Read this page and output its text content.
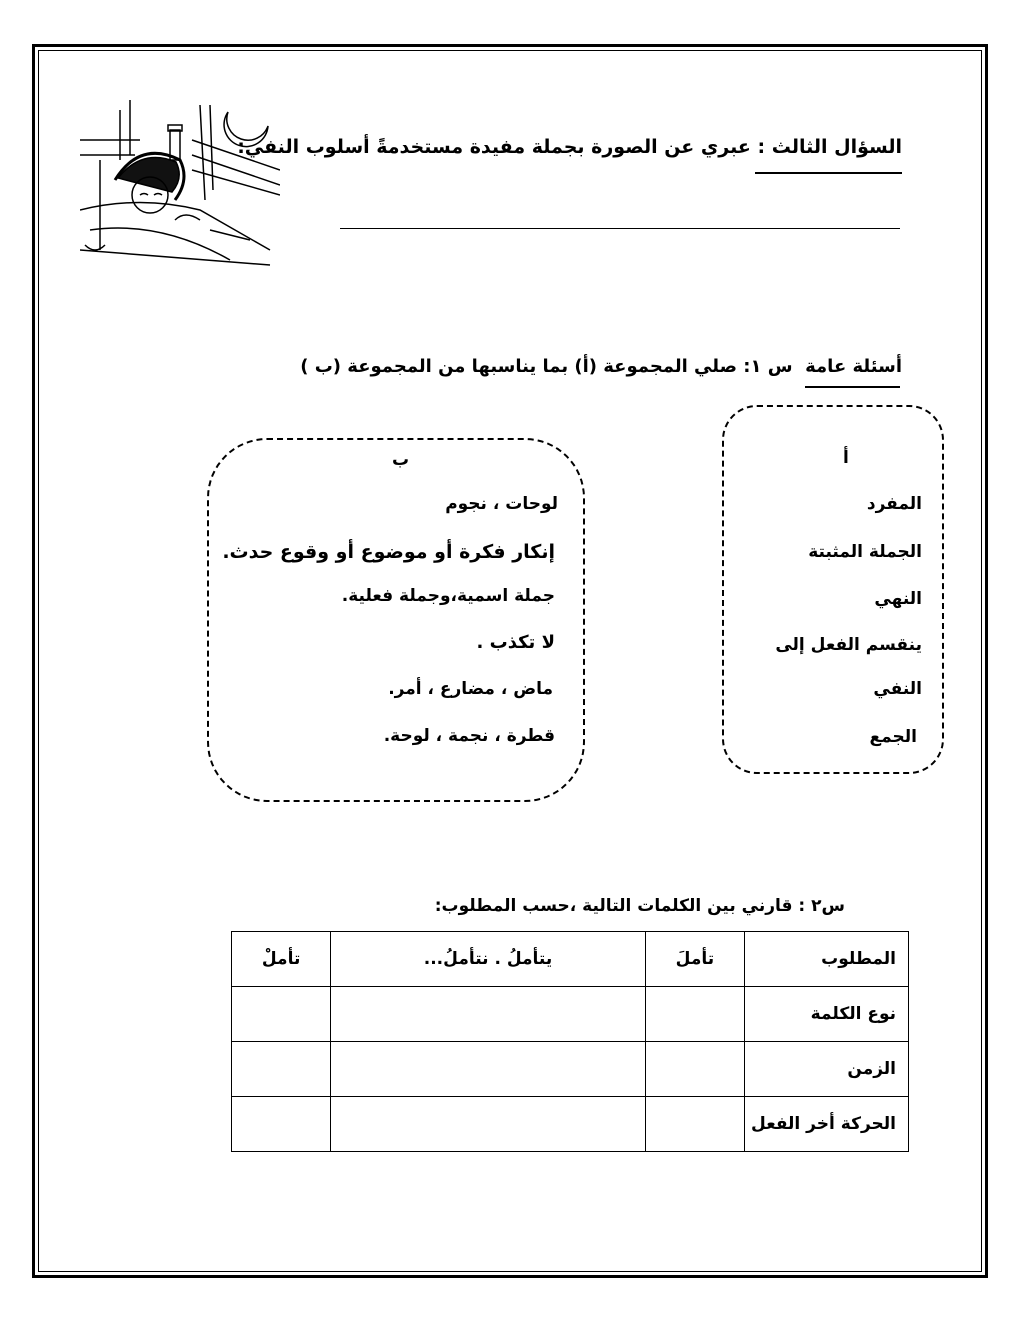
السؤال الثالث : عبري عن الصورة بجملة مفيدة مستخدمةً أسلوب النفي:
أسئلة عامة  س ١: صلي المجموعة (أ) بما يناسبها من المجموعة (ب )
ب
لوحات ، نجوم
إنكار فكرة أو موضوع أو وقوع حدث.
جملة اسمية،وجملة فعلية.
لا تكذب .
ماض ، مضارع ، أمر.
قطرة ، نجمة ، لوحة.
أ
المفرد
الجملة المثبتة
النهي
ينقسم الفعل إلى
النفي
الجمع
س٢ : قارني بين الكلمات التالية ،حسب المطلوب:
المطلوب	تأملَ	يتأملُ . نتأملُ...	تأملْ
نوع الكلمة			
الزمن			
الحركة أخر الفعل			
